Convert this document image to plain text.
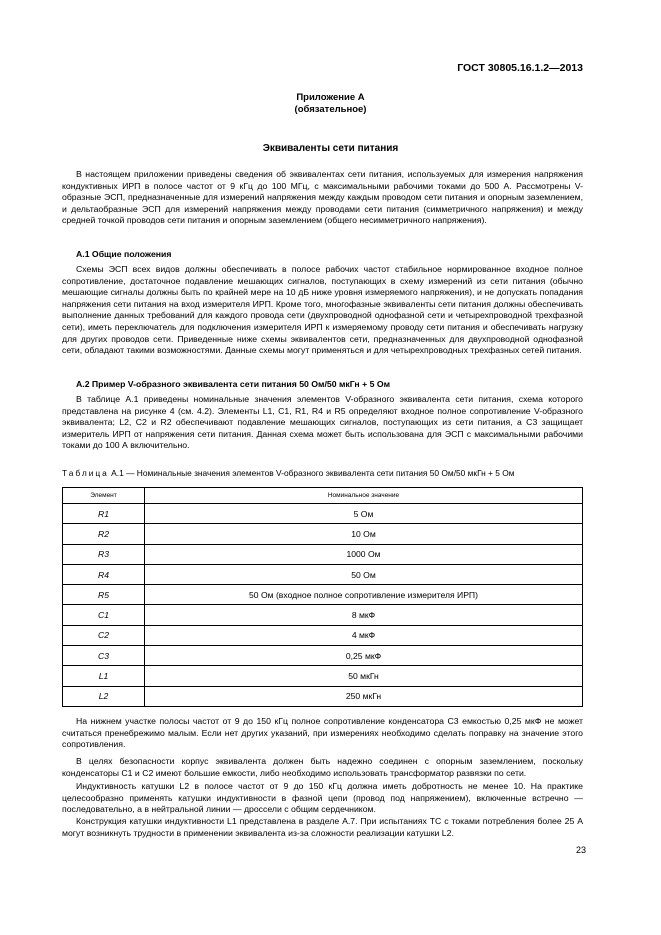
ГОСТ 30805.16.1.2—2013
Приложение А
(обязательное)
Эквиваленты сети питания

В настоящем приложении приведены сведения об эквивалентах сети питания, используемых для измерения напряжения кондуктивных ИРП в полосе частот от 9 кГц до 100 МГц, с максимальными рабочими токами до 500 А. Рассмотрены V-образные ЭСП, предназначенные для измерений напряжения между каждым проводом сети питания и опорным заземлением, и дельтаобразные ЭСП для измерений напряжения между проводами сети питания (симметричного напряжения) и между средней точкой проводов сети питания и опорным заземлением (общего несимметричного напряжения).

А.1 Общие положения

Схемы ЭСП всех видов должны обеспечивать в полосе рабочих частот стабильное нормированное входное полное сопротивление, достаточное подавление мешающих сигналов, поступающих в схему измерений из сети питания (обычно мешающие сигналы должны быть по крайней мере на 10 дБ ниже уровня измеряемого напряжения), и не допускать попадания напряжения сети питания на вход измерителя ИРП. Кроме того, многофазные эквиваленты сети питания должны обеспечивать выполнение данных требований для каждого провода сети (двухпроводной однофазной сети и четырехпроводной трехфазной сети), иметь переключатель для подключения измерителя ИРП к измеряемому проводу сети питания и обеспечивать нагрузку для других проводов сети. Приведенные ниже схемы эквивалентов сети, предназначенных для двухпроводной однофазной сети, обладают такими возможностями. Данные схемы могут применяться и для четырехпроводных трехфазных сетей питания.

А.2 Пример V-образного эквивалента сети питания 50 Ом/50 мкГн + 5 Ом

В таблице А.1 приведены номинальные значения элементов V-образного эквивалента сети питания, схема которого представлена на рисунке 4 (см. 4.2). Элементы L1, C1, R1, R4 и R5 определяют входное полное сопротивление V-образного эквивалента; L2, C2 и R2 обеспечивают подавление мешающих сигналов, поступающих из сети питания, а C3 защищает измеритель ИРП от напряжения сети питания. Данная схема может быть использована для ЭСП с максимальными рабочими токами до 100 А включительно.

Таблица А.1 — Номинальные значения элементов V-образного эквивалента сети питания 50 Ом/50 мкГн + 5 Ом
Элемент	Номинальное значение
R1	5 Ом
R2	10 Ом
R3	1000 Ом
R4	50 Ом
R5	50 Ом (входное полное сопротивление измерителя ИРП)
C1	8 мкФ
C2	4 мкФ
C3	0,25 мкФ
L1	50 мкГн
L2	250 мкГн

На нижнем участке полосы частот от 9 до 150 кГц полное сопротивление конденсатора C3 емкостью 0,25 мкФ не может считаться пренебрежимо малым. Если нет других указаний, при измерениях необходимо сделать поправку на значение этого сопротивления.

В целях безопасности корпус эквивалента должен быть надежно соединен с опорным заземлением, поскольку конденсаторы C1 и C2 имеют большие емкости, либо необходимо использовать трансформатор развязки по сети.

Индуктивность катушки L2 в полосе частот от 9 до 150 кГц должна иметь добротность не менее 10. На практике целесообразно применять катушки индуктивности в фазной цепи (провод под напряжением), включенные встречно — последовательно, а в нейтральной линии — дроссели с общим сердечником.

Конструкция катушки индуктивности L1 представлена в разделе А.7. При испытаниях ТС с токами потребления более 25 А могут возникнуть трудности в применении эквивалента из-за сложности реализации катушки L2.

23
